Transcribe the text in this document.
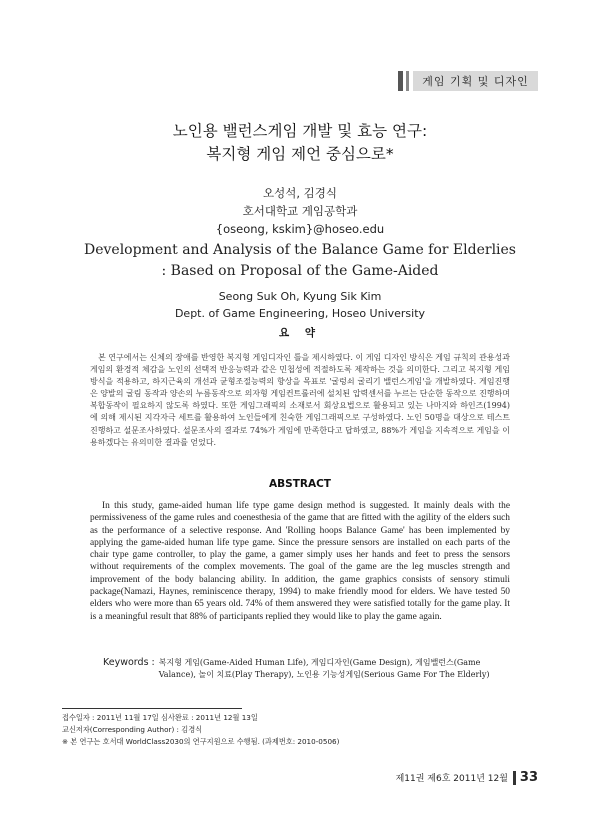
게임 기획 및 디자인
노인용 밸런스게임 개발 및 효능 연구:
복지형 게임 제언 중심으로*
오성석, 김경식
호서대학교 게임공학과
{oseong, kskim}@hoseo.edu
Development and Analysis of the Balance Game for Elderlies
: Based on Proposal of the Game-Aided
Seong Suk Oh, Kyung Sik Kim
Dept. of Game Engineering, Hoseo University
요 약

본 연구에서는 신체의 장애를 반영한 복지형 게임디자인 틀을 제시하였다. 이 게임 디자인 방식은 게임 규칙의 관용성과 게임의 환경적 체감을 노인의 선택적 반응능력과 같은 민첩성에 적절하도록 제작하는 것을 의미한다. 그리고 복지형 게임방식을 적용하고, 하지근육의 개선과 균형조절능력의 향상을 목표로 '굴렁쇠 굴리기 밸런스게임'을 개발하였다. 게임진행은 양발의 굴림 동작과 양손의 누름동작으로 의자형 게임컨트롤러에 설치된 압력센서를 누르는 단순한 동작으로 진행하며 복합동작이 필요하지 않도록 하였다. 또한 게임그래픽의 소재로서 회상요법으로 활용되고 있는 나마지와 하인즈(1994)에 의해 제시된 지각자극 세트를 활용하여 노인들에게 친숙한 게임그래픽으로 구성하였다. 노인 50명을 대상으로 테스트진행하고 설문조사하였다. 설문조사의 결과로 74%가 게임에 만족한다고 답하였고, 88%가 게임을 지속적으로 게임을 이용하겠다는 유의미한 결과를 얻었다.

ABSTRACT

In this study, game-aided human life type game design method is suggested. It mainly deals with the permissiveness of the game rules and coenesthesia of the game that are fitted with the agility of the elders such as the performance of a selective response. And 'Rolling hoops Balance Game' has been implemented by applying the game-aided human life type game. Since the pressure sensors are installed on each parts of the chair type game controller, to play the game, a gamer simply uses her hands and feet to press the sensors without requirements of the complex movements. The goal of the game are the leg muscles strength and improvement of the body balancing ability. In addition, the game graphics consists of sensory stimuli package(Namazi, Haynes, reminiscence therapy, 1994) to make friendly mood for elders. We have tested 50 elders who were more than 65 years old. 74% of them answered they were satisfied totally for the game play. It is a meaningful result that 88% of participants replied they would like to play the game again.

Keywords : 복지형 게임(Game-Aided Human Life), 게임디자인(Game Design), 게임밸런스(Game Valance), 놀이 치료(Play Therapy), 노인용 기능성게임(Serious Game For The Elderly)
접수일자 : 2011년 11월 17일 심사완료 : 2011년 12월 13일
교신저자(Corresponding Author) : 김경식
※ 본 연구는 호서대 WorldClass2030의 연구지원으로 수행됨. (과제번호: 2010-0506)
제11권 제6호 2011년 12월 33
